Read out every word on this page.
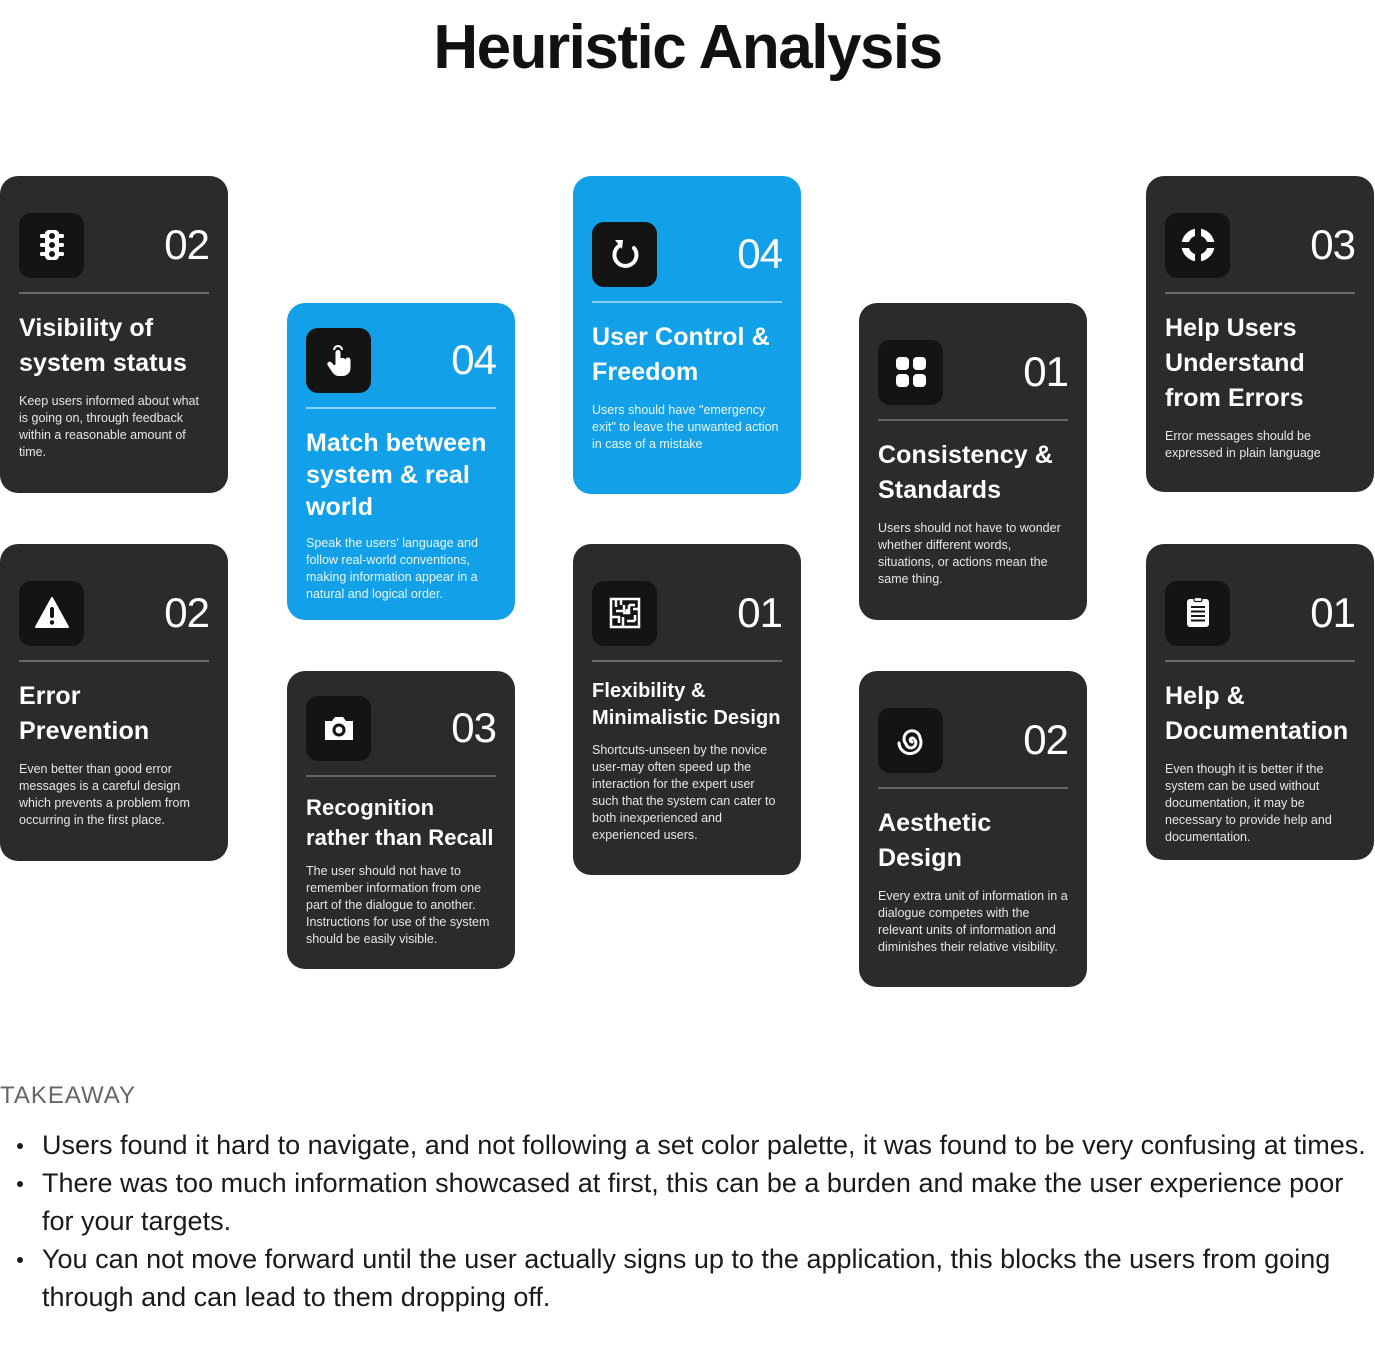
Heuristic Analysis
02
Visibility of system status
Keep users informed about what is going on, through feedback within a reasonable amount of time.
04
Match between system & real world
Speak the users' language and follow real-world conventions, making information appear in a natural and logical order.
04
User Control & Freedom
Users should have "emergency exit" to leave the unwanted action in case of a mistake
01
Consistency & Standards
Users should not have to wonder whether different words, situations, or actions mean the same thing.
03
Help Users Understand from Errors
Error messages should be expressed in plain language
02
Error Prevention
Even better than good error messages is a careful design which prevents a problem from occurring in the first place.
03
Recognition rather than Recall
The user should not have to remember information from one part of the dialogue to another. Instructions for use of the system should be easily visible.
01
Flexibility & Minimalistic Design
Shortcuts-unseen by the novice user-may often speed up the interaction for the expert user such that the system can cater to both inexperienced and experienced users.
02
Aesthetic Design
Every extra unit of information in a dialogue competes with the relevant units of information and diminishes their relative visibility.
01
Help & Documentation
Even though it is better if the system can be used without documentation, it may be necessary to provide help and documentation.
TAKEAWAY
Users found it hard to navigate, and not following a set color palette, it was found to be very confusing at times.
There was too much information showcased at first, this can be a burden and make the user experience poor for your targets.
You can not move forward until the user actually signs up to the application, this blocks the users from going through and can lead to them dropping off.
